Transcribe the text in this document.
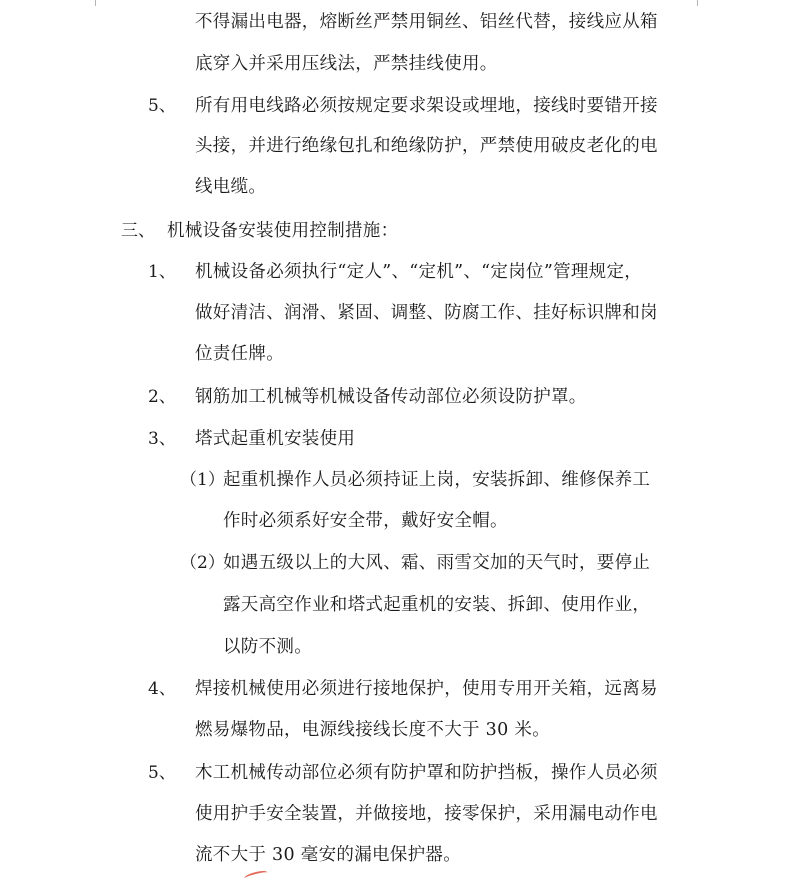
不得漏出电器，熔断丝严禁用铜丝、铝丝代替，接线应从箱
底穿入并采用压线法，严禁挂线使用。
5、 所有用电线路必须按规定要求架设或埋地，接线时要错开接
头接，并进行绝缘包扎和绝缘防护，严禁使用破皮老化的电
线电缆。
三、 机械设备安装使用控制措施：
1、 机械设备必须执行“定人”、“定机”、“定岗位”管理规定，
做好清洁、润滑、紧固、调整、防腐工作、挂好标识牌和岗
位责任牌。
2、 钢筋加工机械等机械设备传动部位必须设防护罩。
3、 塔式起重机安装使用
（1）
起重机操作人员必须持证上岗，安装拆卸、维修保养工
作时必须系好安全带，戴好安全帽。
（2）
如遇五级以上的大风、霜、雨雪交加的天气时，要停止
露天高空作业和塔式起重机的安装、拆卸、使用作业，
以防不测。
4、 焊接机械使用必须进行接地保护，使用专用开关箱，远离易
燃易爆物品，电源线接线长度不大于 30 米。
5、 木工机械传动部位必须有防护罩和防护挡板，操作人员必须
使用护手安全装置，并做接地，接零保护，采用漏电动作电
流不大于 30 毫安的漏电保护器。
